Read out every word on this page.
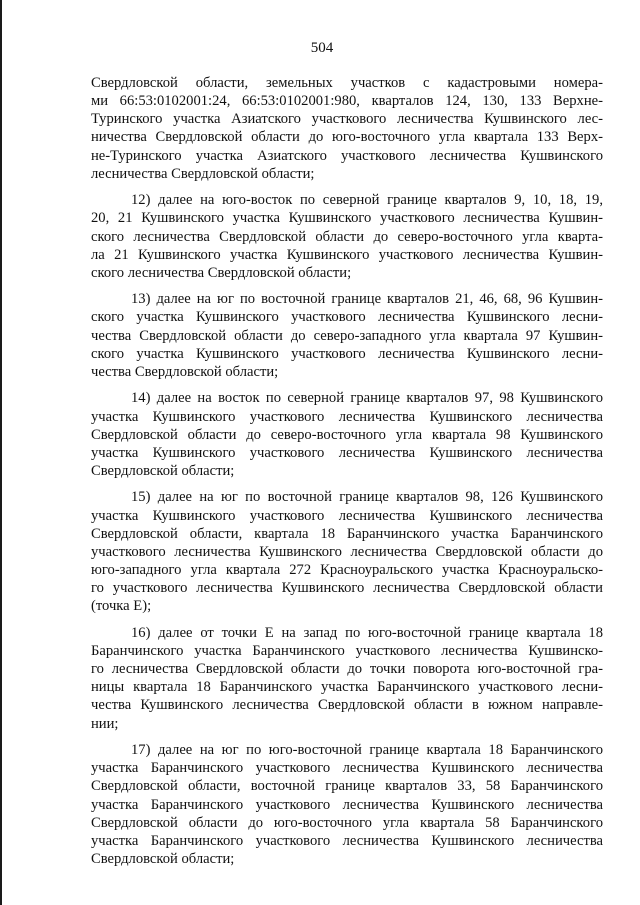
504
Свердловской области, земельных участков с кадастровыми номера-
ми 66:53:0102001:24, 66:53:0102001:980, кварталов 124, 130, 133 Верхне-
Туринского участка Азиатского участкового лесничества Кушвинского лес-
ничества Свердловской области до юго-восточного угла квартала 133 Верх-
не-Туринского участка Азиатского участкового лесничества Кушвинского
лесничества Свердловской области;
12) далее на юго-восток по северной границе кварталов 9, 10, 18, 19,
20, 21 Кушвинского участка Кушвинского участкового лесничества Кушвин-
ского лесничества Свердловской области до северо-восточного угла кварта-
ла 21 Кушвинского участка Кушвинского участкового лесничества Кушвин-
ского лесничества Свердловской области;
13) далее на юг по восточной границе кварталов 21, 46, 68, 96 Кушвин-
ского участка Кушвинского участкового лесничества Кушвинского лесни-
чества Свердловской области до северо-западного угла квартала 97 Кушвин-
ского участка Кушвинского участкового лесничества Кушвинского лесни-
чества Свердловской области;
14) далее на восток по северной границе кварталов 97, 98 Кушвинского
участка Кушвинского участкового лесничества Кушвинского лесничества
Свердловской области до северо-восточного угла квартала 98 Кушвинского
участка Кушвинского участкового лесничества Кушвинского лесничества
Свердловской области;
15) далее на юг по восточной границе кварталов 98, 126 Кушвинского
участка Кушвинского участкового лесничества Кушвинского лесничества
Свердловской области, квартала 18 Баранчинского участка Баранчинского
участкового лесничества Кушвинского лесничества Свердловской области до
юго-западного угла квартала 272 Красноуральского участка Красноуральско-
го участкового лесничества Кушвинского лесничества Свердловской области
(точка Е);
16) далее от точки Е на запад по юго-восточной границе квартала 18
Баранчинского участка Баранчинского участкового лесничества Кушвинско-
го лесничества Свердловской области до точки поворота юго-восточной гра-
ницы квартала 18 Баранчинского участка Баранчинского участкового лесни-
чества Кушвинского лесничества Свердловской области в южном направле-
нии;
17) далее на юг по юго-восточной границе квартала 18 Баранчинского
участка Баранчинского участкового лесничества Кушвинского лесничества
Свердловской области, восточной границе кварталов 33, 58 Баранчинского
участка Баранчинского участкового лесничества Кушвинского лесничества
Свердловской области до юго-восточного угла квартала 58 Баранчинского
участка Баранчинского участкового лесничества Кушвинского лесничества
Свердловской области;
